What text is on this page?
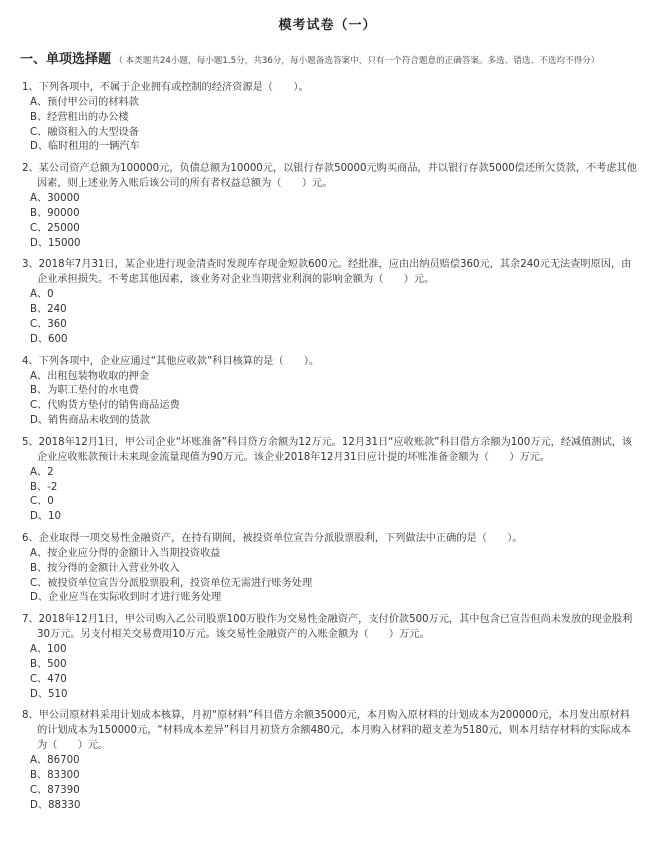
模考试卷（一）
一、单项选择题 （ 本类题共24小题，每小题1.5分，共36分，每小题备选答案中，只有一个符合题意的正确答案。多选、错选、不选均不得分）
1、下列各项中，不属于企业拥有或控制的经济资源是（　　）。
A、预付甲公司的材料款
B、经营租出的办公楼
C、融资租入的大型设备
D、临时租用的一辆汽车
2、某公司资产总额为100000元，负债总额为10000元，以银行存款50000元购买商品，并以银行存款5000偿还所欠货款，不考虑其他因素，则上述业务入账后该公司的所有者权益总额为（　　）元。
A、30000
B、90000
C、25000
D、15000
3、2018年7月31日，某企业进行现金清查时发现库存现金短款600元。经批准，应由出纳员赔偿360元，其余240元无法查明原因，由企业承担损失。不考虑其他因素，该业务对企业当期营业利润的影响金额为（　　）元。
A、0
B、240
C、360
D、600
4、下列各项中，企业应通过“其他应收款”科目核算的是（　　）。
A、出租包装物收取的押金
B、为职工垫付的水电费
C、代购货方垫付的销售商品运费
D、销售商品未收到的货款
5、2018年12月1日，甲公司企业“坏账准备”科目贷方余额为12万元。12月31日“应收账款”科目借方余额为100万元，经减值测试，该企业应收账款预计未来现金流量现值为90万元。该企业2018年12月31日应计提的坏账准备金额为（　　）万元。
A、2
B、-2
C、0
D、10
6、企业取得一项交易性金融资产，在持有期间，被投资单位宣告分派股票股利，下列做法中正确的是（　　）。
A、按企业应分得的金额计入当期投资收益
B、按分得的金额计入营业外收入
C、被投资单位宣告分派股票股利，投资单位无需进行账务处理
D、企业应当在实际收到时才进行账务处理
7、2018年12月1日，甲公司购入乙公司股票100万股作为交易性金融资产，支付价款500万元，其中包含已宣告但尚未发放的现金股利30万元。另支付相关交易费用10万元。该交易性金融资产的入账金额为（　　）万元。
A、100
B、500
C、470
D、510
8、甲公司原材料采用计划成本核算，月初“原材料”科目借方余额35000元，本月购入原材料的计划成本为200000元，本月发出原材料的计划成本为150000元，“材料成本差异”科目月初贷方余额480元，本月购入材料的超支差为5180元，则本月结存材料的实际成本为（　　）元。
A、86700
B、83300
C、87390
D、88330
